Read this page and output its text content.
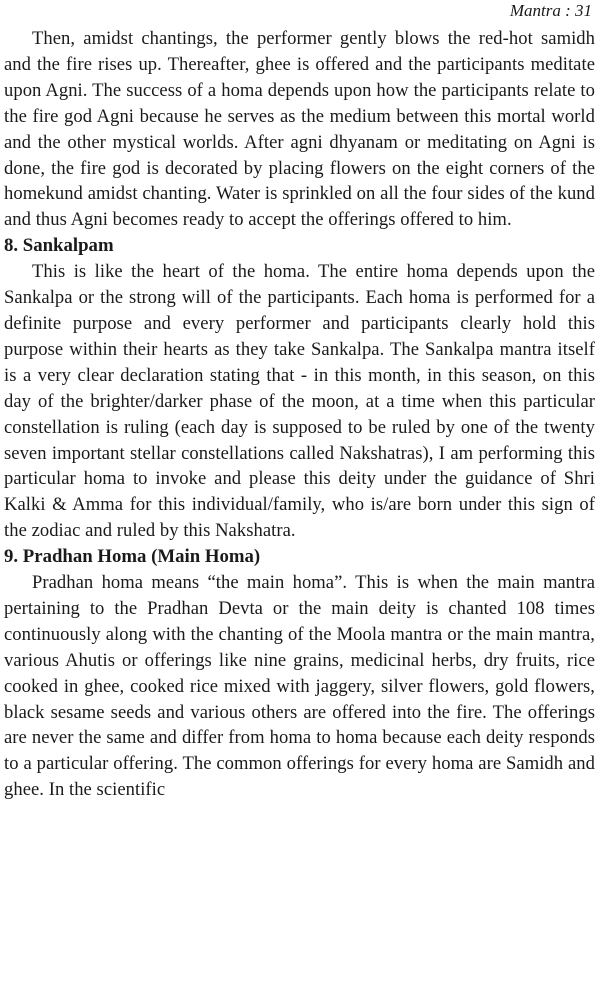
Mantra : 31

Then, amidst chantings, the performer gently blows the red-hot samidh and the fire rises up. Thereafter, ghee is offered and the participants meditate upon Agni. The success of a homa depends upon how the participants relate to the fire god Agni because he serves as the medium between this mortal world and the other mystical worlds. After agni dhyanam or meditating on Agni is done, the fire god is decorated by placing flowers on the eight corners of the homekund amidst chanting. Water is sprinkled on all the four sides of the kund and thus Agni becomes ready to accept the offerings offered to him.

8. Sankalpam

This is like the heart of the homa. The entire homa depends upon the Sankalpa or the strong will of the participants. Each homa is performed for a definite purpose and every performer and participants clearly hold this purpose within their hearts as they take Sankalpa. The Sankalpa mantra itself is a very clear declaration stating that - in this month, in this season, on this day of the brighter/darker phase of the moon, at a time when this particular constellation is ruling (each day is supposed to be ruled by one of the twenty seven important stellar constellations called Nakshatras), I am performing this particular homa to invoke and please this deity under the guidance of Shri Kalki & Amma for this individual/family, who is/are born under this sign of the zodiac and ruled by this Nakshatra.

9. Pradhan Homa (Main Homa)

Pradhan homa means “the main homa”. This is when the main mantra pertaining to the Pradhan Devta or the main deity is chanted 108 times continuously along with the chanting of the Moola mantra or the main mantra, various Ahutis or offerings like nine grains, medicinal herbs, dry fruits, rice cooked in ghee, cooked rice mixed with jaggery, silver flowers, gold flowers, black sesame seeds and various others are offered into the fire. The offerings are never the same and differ from homa to homa because each deity responds to a particular offering. The common offerings for every homa are Samidh and ghee. In the scientific
